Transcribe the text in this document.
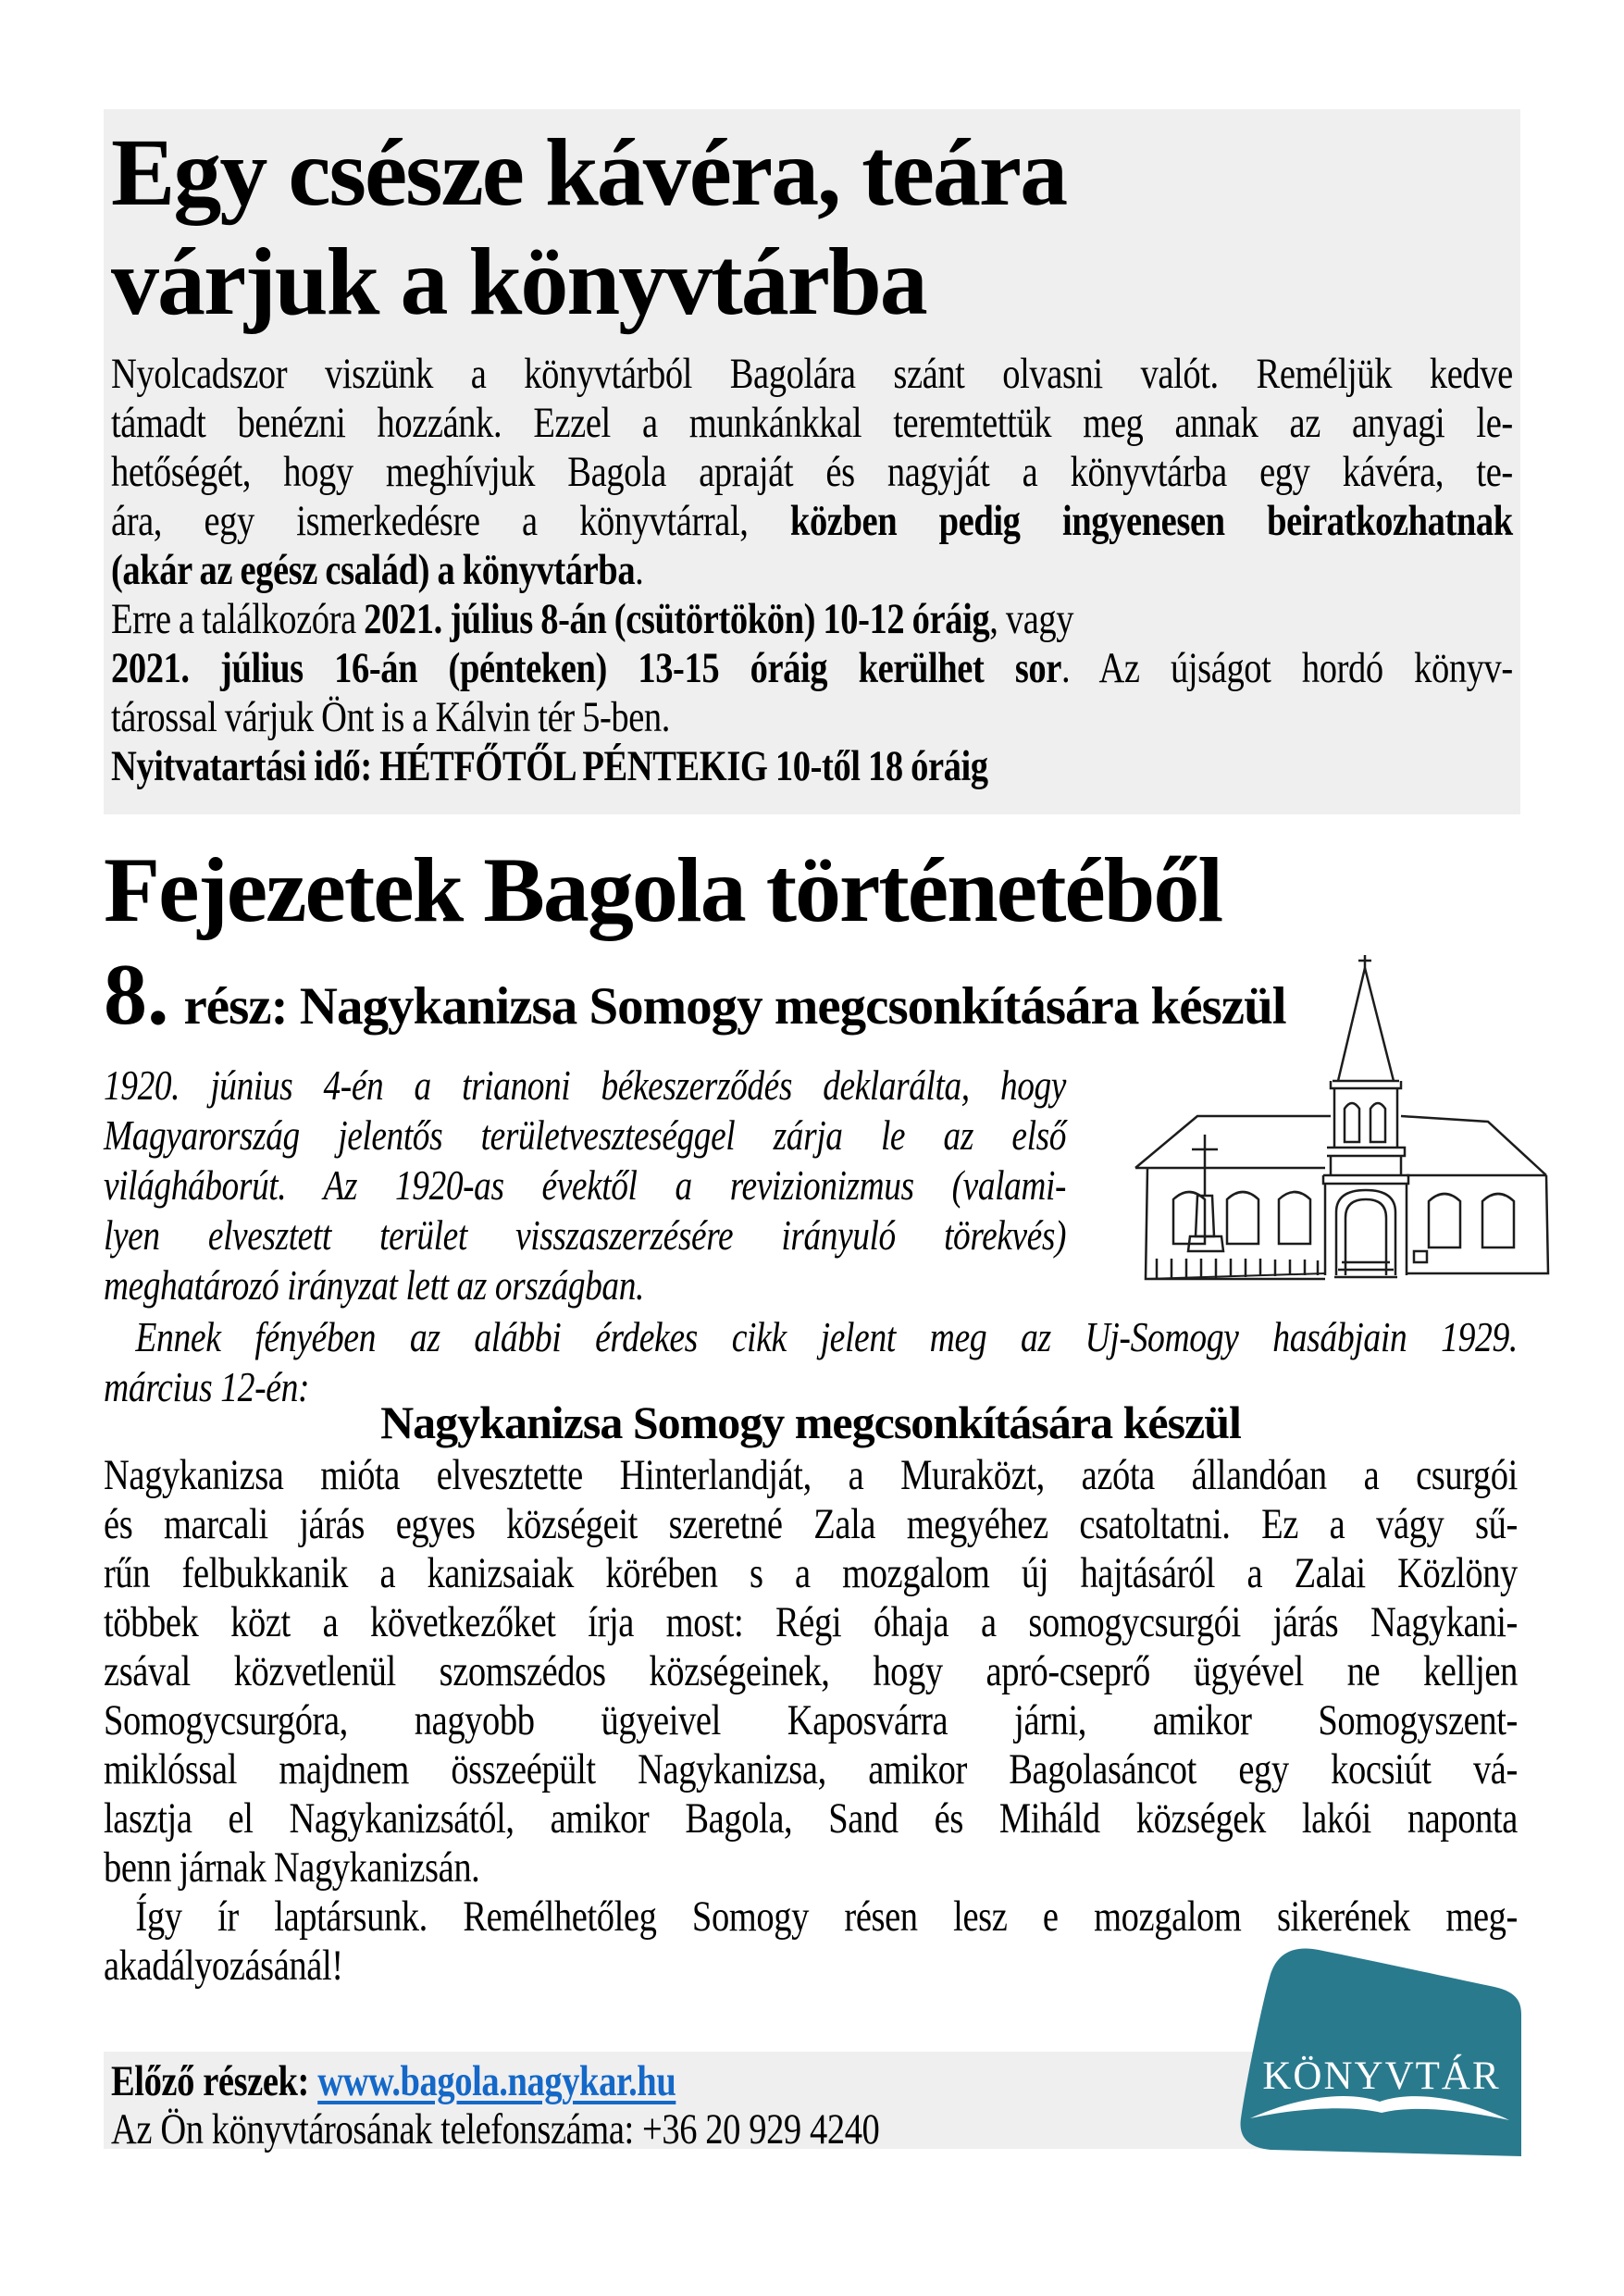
Egy csésze kávéra, teára
várjuk a könyvtárba
Nyolcadszor viszünk a könyvtárból Bagolára szánt olvasni valót. Reméljük kedve
támadt benézni hozzánk. Ezzel a munkánkkal teremtettük meg annak az anyagi le-
hetőségét, hogy meghívjuk Bagola apraját és nagyját a könyvtárba egy kávéra, te-
ára, egy ismerkedésre a könyvtárral, közben pedig ingyenesen beiratkozhatnak
(akár az egész család) a könyvtárba.
Erre a találkozóra 2021. július 8-án (csütörtökön) 10-12 óráig, vagy
2021. július 16-án (pénteken) 13-15 óráig kerülhet sor. Az újságot hordó könyv-
tárossal várjuk Önt is a Kálvin tér 5-ben.
Nyitvatartási idő: HÉTFŐTŐL PÉNTEKIG 10-től 18 óráig
Fejezetek Bagola történetéből
8. rész: Nagykanizsa Somogy megcsonkítására készül
1920. június 4-én a trianoni békeszerződés deklarálta, hogy
Magyarország jelentős területveszteséggel zárja le az első
világháborút. Az 1920-as évektől a revizionizmus (valami-
lyen elvesztett terület visszaszerzésére irányuló törekvés)
meghatározó irányzat lett az országban.
Ennek fényében az alábbi érdekes cikk jelent meg az Uj-Somogy hasábjain 1929.
március 12-én:
Nagykanizsa Somogy megcsonkítására készül
Nagykanizsa mióta elvesztette Hinterlandját, a Muraközt, azóta állandóan a csurgói
és marcali járás egyes községeit szeretné Zala megyéhez csatoltatni. Ez a vágy sű-
rűn felbukkanik a kanizsaiak körében s a mozgalom új hajtásáról a Zalai Közlöny
többek közt a következőket írja most: Régi óhaja a somogycsurgói járás Nagykani-
zsával közvetlenül szomszédos községeinek, hogy apró-cseprő ügyével ne kelljen
Somogycsurgóra, nagyobb ügyeivel Kaposvárra járni, amikor Somogyszent-
miklóssal majdnem összeépült Nagykanizsa, amikor Bagolasáncot egy kocsiút vá-
lasztja el Nagykanizsától, amikor Bagola, Sand és Miháld községek lakói naponta
benn járnak Nagykanizsán.
Így ír laptársunk. Remélhetőleg Somogy résen lesz e mozgalom sikerének meg-
akadályozásánál!
Előző részek: www.bagola.nagykar.hu
Az Ön könyvtárosának telefonszáma: +36 20 929 4240
KÖNYVTÁR
